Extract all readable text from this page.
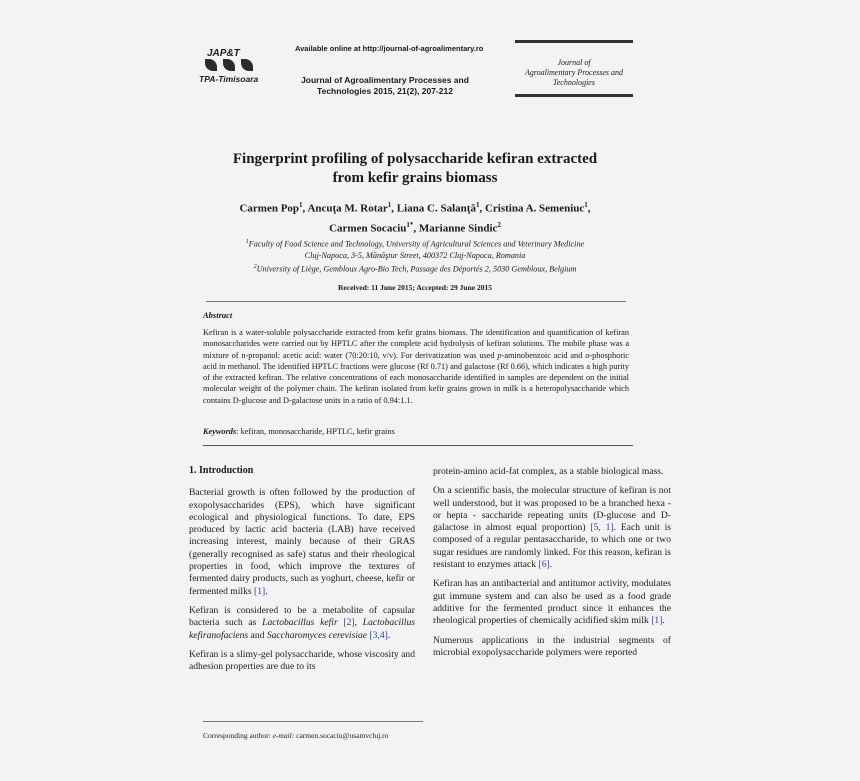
JAP&T
TPA-Timisoara
Available online at http://journal-of-agroalimentary.ro
Journal of Agroalimentary Processes and
Technologies 2015, 21(2), 207-212
Journal of
Agroalimentary Processes and
Technologies
Fingerprint profiling of polysaccharide kefiran extracted
from kefir grains biomass
Carmen Pop$^1$, Ancuţa M. Rotar$^1$, Liana C. Salanţă$^1$, Cristina A. Semeniuc$^1$,
Carmen Socaciu$^{1*}$, Marianne Sindic$^2$
$^1$Faculty of Food Science and Technology, University of Agricultural Sciences and Veterinary Medicine
Cluj-Napoca, 3-5, Mănăştur Street, 400372 Cluj-Napoca, Romania
$^2$University of Liège, Gembloux Agro-Bio Tech, Passage des Déportés 2, 5030 Gembloux, Belgium
Received: 11 June 2015; Accepted: 29 June 2015
Abstract
Kefiran is a water-soluble polysaccharide extracted from kefir grains biomass. The identification and quantification of kefiran monosaccharides were carried out by HPTLC after the complete acid hydrolysis of kefiran solutions. The mobile phase was a mixture of n-propanol: acetic acid: water (70:20:10, v/v). For derivatization was used p-aminobenzoic acid and o-phosphoric acid in methanol. The identified HPTLC fractions were glucose (Rf 0.71) and galactose (Rf 0.66), which indicates a high purity of the extracted kefiran. The relative concentrations of each monosaccharide identified in samples are dependent on the initial molecular weight of the polymer chain. The kefiran isolated from kefir grains grown in milk is a heteropolysaccharide which contains D-glucose and D-galactose units in a ratio of 0.94:1.1.
Keywords: kefiran, monosaccharide, HPTLC, kefir grains
1. Introduction

Bacterial growth is often followed by the production of exopolysaccharides (EPS), which have significant ecological and physiological functions. To date, EPS produced by lactic acid bacteria (LAB) have received increasing interest, mainly because of their GRAS (generally recognised as safe) status and their rheological properties in food, which improve the textures of fermented dairy products, such as yoghurt, cheese, kefir or fermented milks [1].

Kefiran is considered to be a metabolite of capsular bacteria such as Lactobacillus kefir [2], Lactobacillus kefiranofaciens and Saccharomyces cerevisiae [3,4].

Kefiran is a slimy-gel polysaccharide, whose viscosity and adhesion properties are due to its

protein-amino acid-fat complex, as a stable biological mass.

On a scientific basis, the molecular structure of kefiran is not well understood, but it was proposed to be a branched hexa - or hepta - saccharide repeating units (D-glucose and D-galactose in almost equal proportion) [5, 1]. Each unit is composed of a regular pentasaccharide, to which one or two sugar residues are randomly linked. For this reason, kefiran is resistant to enzymes attack [6].

Kefiran has an antibacterial and antitumor activity, modulates gut immune system and can also be used as a food grade additive for the fermented product since it enhances the rheological properties of chemically acidified skim milk [1].

Numerous applications in the industrial segments of microbial exopolysaccharide polymers were reported

Corresponding author: e-mail: carmen.socaciu@usamvcluj.ro
